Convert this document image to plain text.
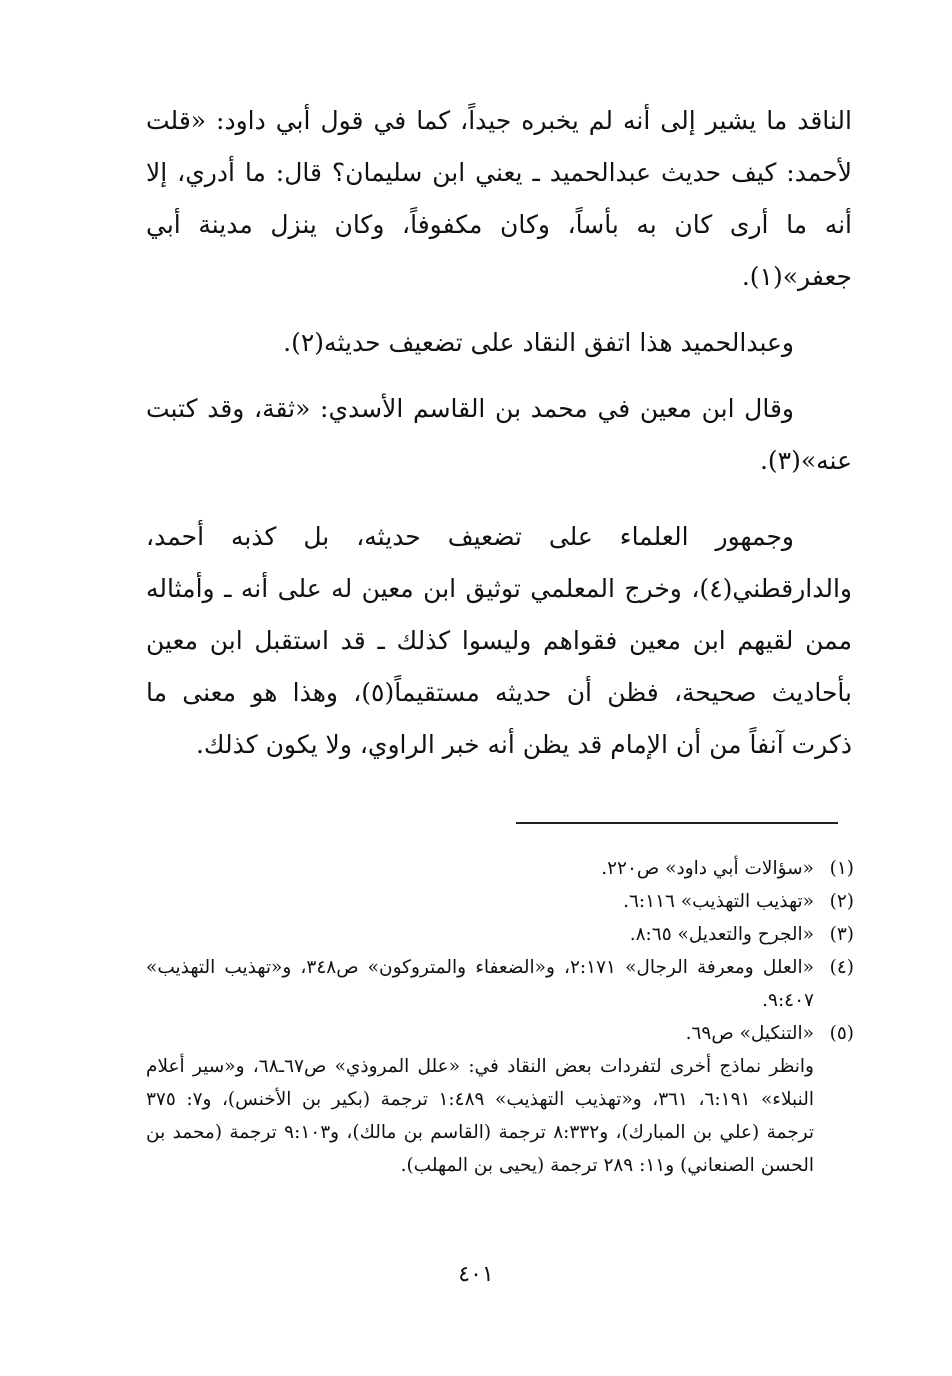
الناقد ما يشير إلى أنه لم يخبره جيداً، كما في قول أبي داود: «قلت لأحمد: كيف حديث عبدالحميد ـ يعني ابن سليمان؟ قال: ما أدري، إلا أنه ما أرى كان به بأساً، وكان مكفوفاً، وكان ينزل مدينة أبي جعفر»(١).

وعبدالحميد هذا اتفق النقاد على تضعيف حديثه(٢).

وقال ابن معين في محمد بن القاسم الأسدي: «ثقة، وقد كتبت عنه»(٣).

وجمهور العلماء على تضعيف حديثه، بل كذبه أحمد، والدارقطني(٤)، وخرج المعلمي توثيق ابن معين له على أنه ـ وأمثاله ممن لقيهم ابن معين فقواهم وليسوا كذلك ـ قد استقبل ابن معين بأحاديث صحيحة، فظن أن حديثه مستقيماً(٥)، وهذا هو معنى ما ذكرت آنفاً من أن الإمام قد يظن أنه خبر الراوي، ولا يكون كذلك.

(١)
«سؤالات أبي داود» ص٢٢٠.
(٢)
«تهذيب التهذيب» ٦:١١٦.
(٣)
«الجرح والتعديل» ٨:٦٥.
(٤)
«العلل ومعرفة الرجال» ٢:١٧١، و«الضعفاء والمتروكون» ص٣٤٨، و«تهذيب التهذيب» ٩:٤٠٧.
(٥)
«التنكيل» ص٦٩.
وانظر نماذج أخرى لتفردات بعض النقاد في: «علل المروذي» ص٦٧ـ٦٨، و«سير أعلام النبلاء» ٦:١٩١، ٣٦١، و«تهذيب التهذيب» ١:٤٨٩ ترجمة (بكير بن الأخنس)، و٧: ٣٧٥ ترجمة (علي بن المبارك)، و٨:٣٣٢ ترجمة (القاسم بن مالك)، و٩:١٠٣ ترجمة (محمد بن الحسن الصنعاني) و١١: ٢٨٩ ترجمة (يحيى بن المهلب).
٤٠١
